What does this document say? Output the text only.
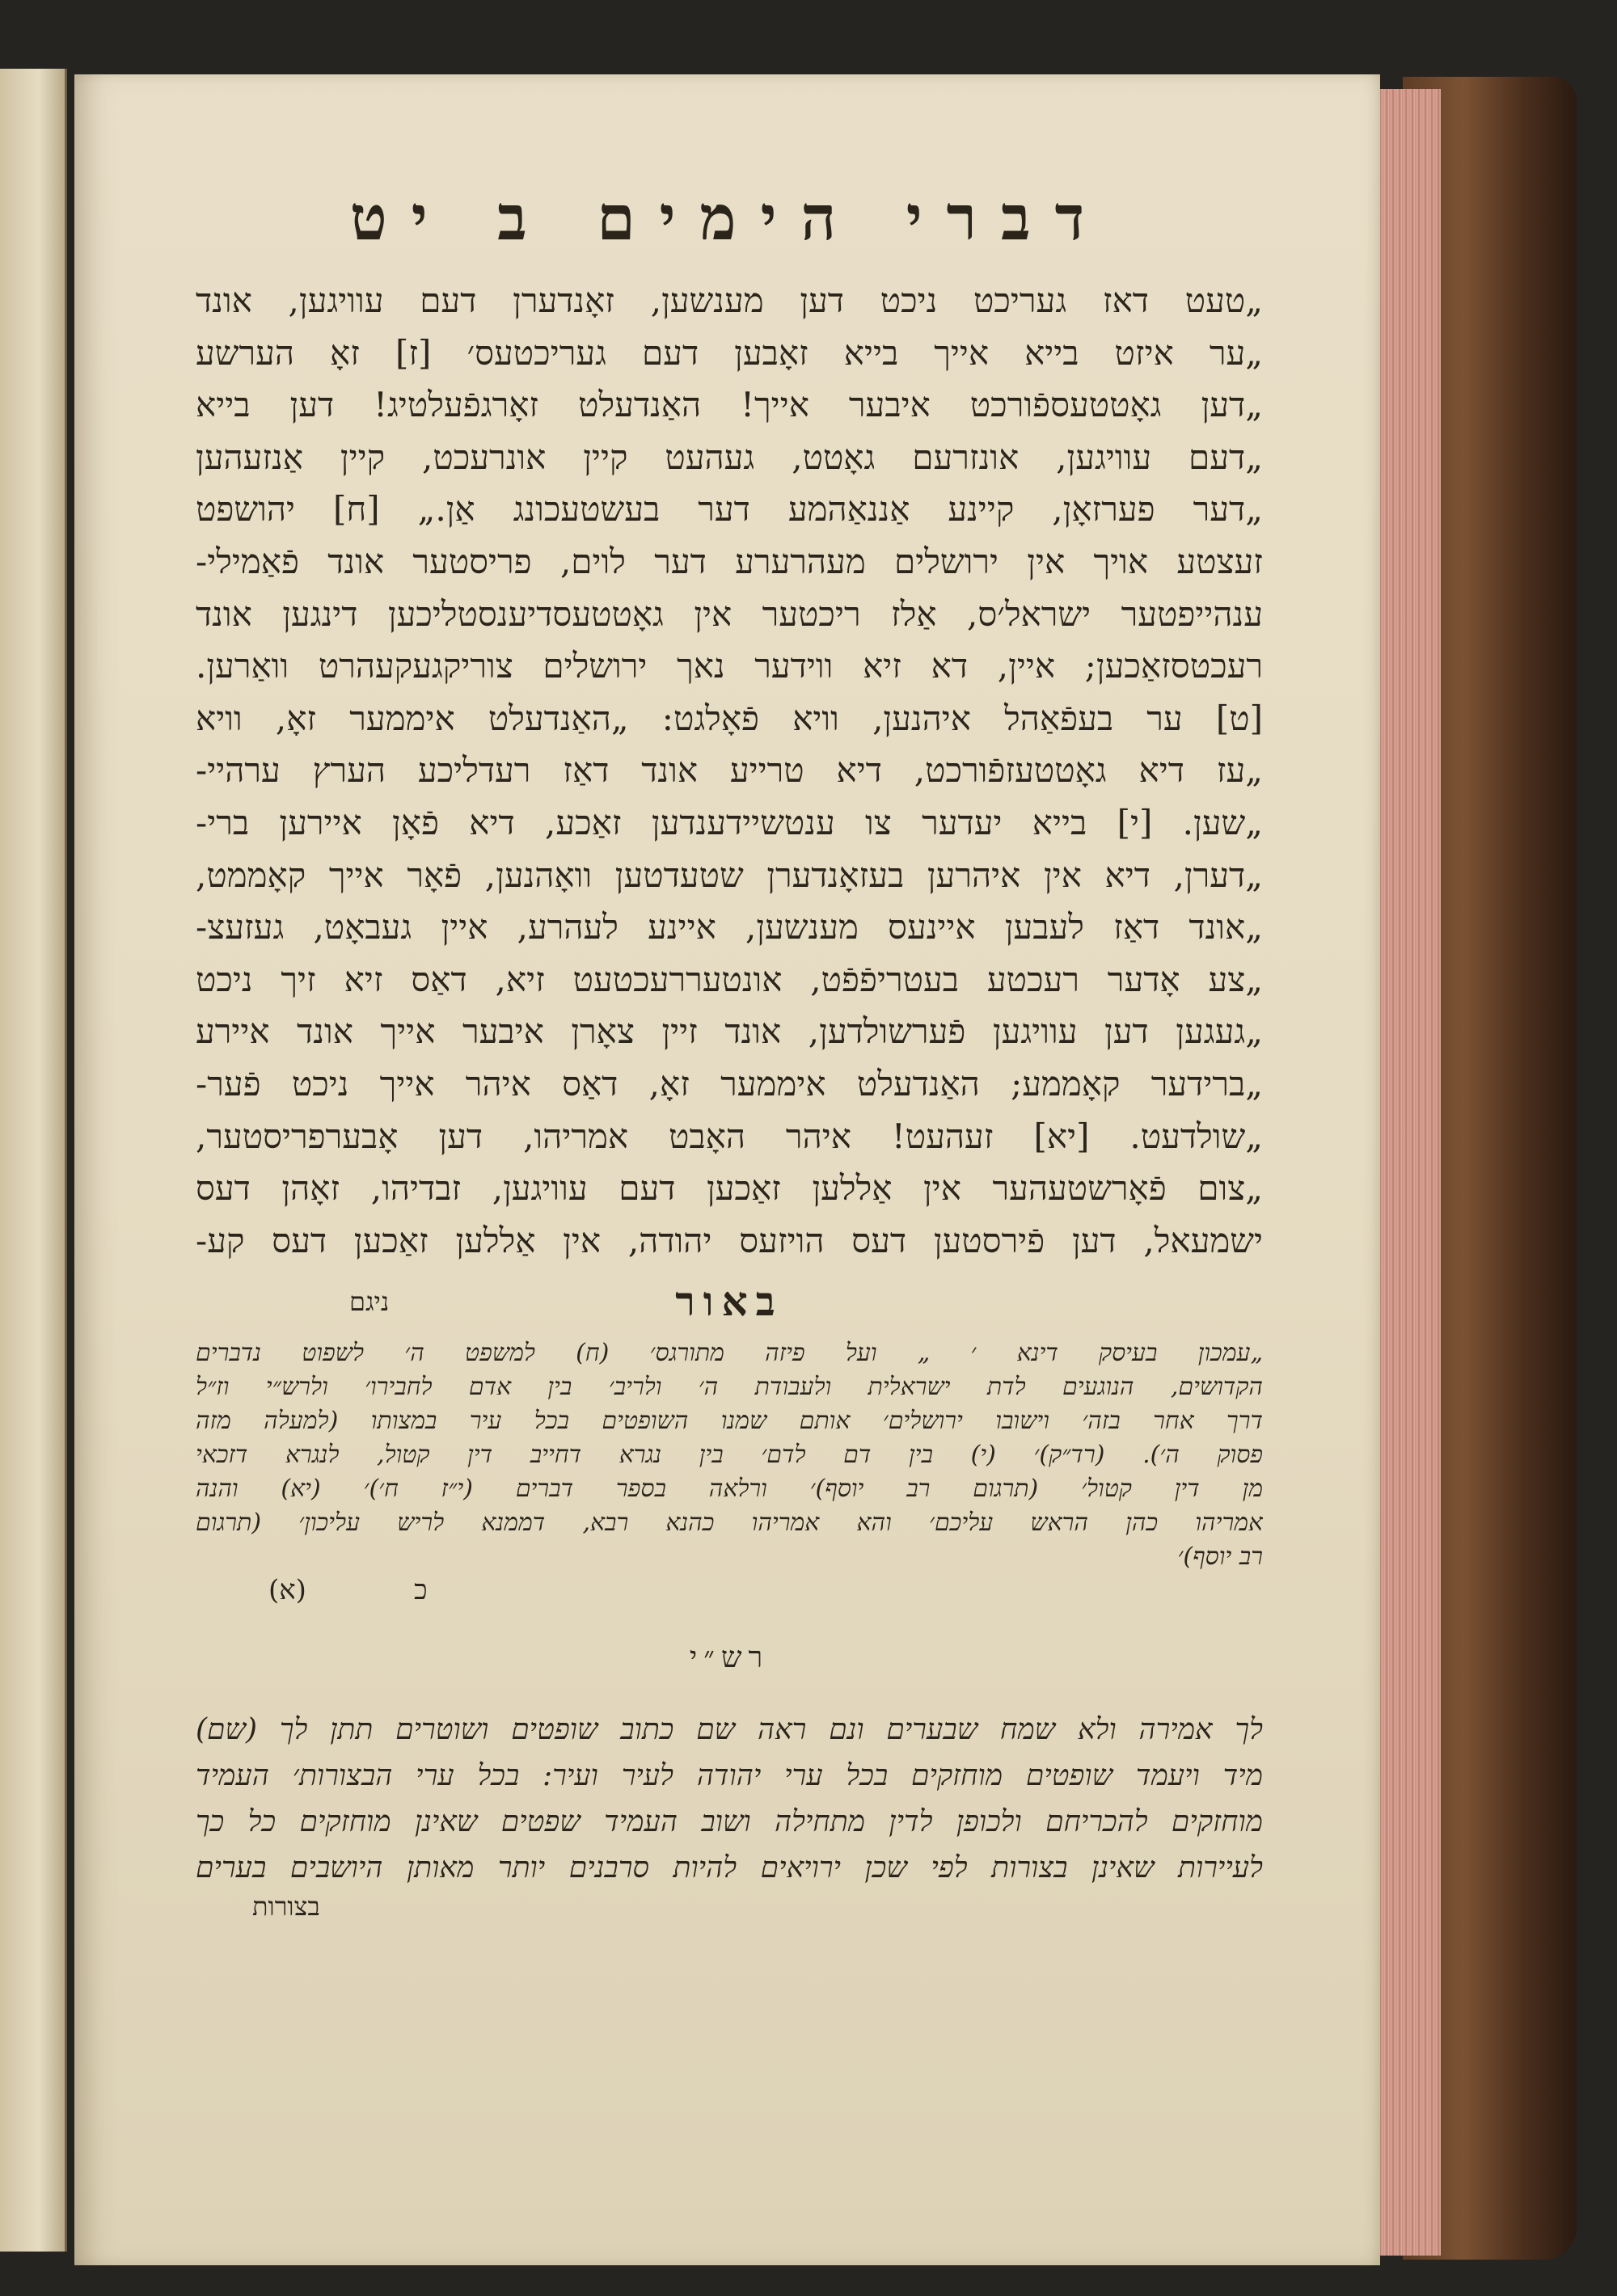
דברי הימים ב יט
„טעט דאז געריכט ניכט דען מענשען, זאָנדערן דעם עוויגען, אונד
„ער איזט בייא אייך בייא זאָבען דעם געריכטעס׳ [ז] זאָ הערשע
„דען גאָטטעספֿורכט איבער אייך! האַנדעלט זאָרגפֿעלטיג! דען בייא
„דעם עוויגען, אונזרעם גאָטט, געהעט קיין אונרעכט, קיין אַנזעהען
„דער פערזאָן, קיינע אַננאַהמע דער בעשטעכונג אַן.„ [ח] יהושפט
זעצטע אויך אין ירושלים מעהרערע דער לוים, פריסטער אונד פֿאַמילי-
ענהייפטער ישראל׳ס, אַלז ריכטער אין גאָטטעסדיענסטליכען דינגען אונד
רעכטסזאַכען; איין, דא זיא ווידער נאך ירושלים צוריקגעקעהרט וואַרען.
[ט] ער בעפֿאַהל איהנען, וויא פֿאָלגט: „האַנדעלט איממער זאָ, וויא
„עז דיא גאָטטעזפֿורכט, דיא טרייע אונד דאַז רעדליכע הערץ ערהיי-
„שען. [י] בייא יעדער צו ענטשיידענדען זאַכע, דיא פֿאָן איירען ברי-
„דערן, דיא אין איהרען בעזאָנדערן שטעדטען וואָהנען, פֿאָר אייך קאָממט,
„אונד דאַז לעבען איינעס מענשען, איינע לעהרע, איין געבאָט, געזעצ-
„צע אָדער רעכטע בעטריפֿפֿט, אונטעררעכטעט זיא, דאַס זיא זיך ניכט
„געגען דען עוויגען פֿערשולדען, אונד זיין צאָרן איבער אייך אונד איירע
„ברידער קאָממע; האַנדעלט איממער זאָ, דאַס איהר אייך ניכט פֿער-
„שולדעט. [יא] זעהעט! איהר האָבט אמריהו, דען אָבערפריסטער,
„צום פֿאָרשטעהער אין אַללען זאַכען דעם עוויגען, זבדיהו, זאָהן דעס
ישמעאל, דען פֿירסטען דעס הויזעס יהודה, אין אַללען זאַכען דעס קע-
באור
ניגם
„עמכון בעיסק דינא ׳ „ ועל פיזה מתורגס׳ (ח) למשפט ה׳ לשפוט נדברים
הקדושים, הנוגעים לדת ישראלית ולעבודת ה׳ ולריב׳ בין אדם לחבירו׳ ולרש״י וז״ל
דרך אחר בזה׳ וישובו ירושלים׳ אותם שמנו השופטים בכל עיר במצותו (למעלה מזה
פסוק ה׳). (רד״ק)׳ (י) בין דם לדם׳ בין נגרא דחייב דין קטול, לנגרא דזכאי
מן דין קטול׳ (תרגום רב יוסף)׳ ורלאה בספר דברים (י״ז ח׳)׳ (יא) והנה
אמריהו כהן הראש עליכם׳ והא אמריהו כהנא רבא, דממנא לריש עליכון׳ (תרגום
רב יוסף)׳
(א)	כ
רש״י
לך אמירה ולא שמח שבערים ונם ראה שם כתוב שופטים ושוטרים תתן לך (שם)
מיד ויעמד שופטים מוחזקים בכל ערי יהודה לעיר ועיר: בכל ערי הבצורות׳ העמיד
מוחזקים להכריחם ולכופן לדין מתחילה ושוב העמיד שפטים שאינן מוחזקים כל כך
לעיירות שאינן בצורות לפי שכן ירויאים להיות סרבנים יותר מאותן היושבים בערים
בצורות
